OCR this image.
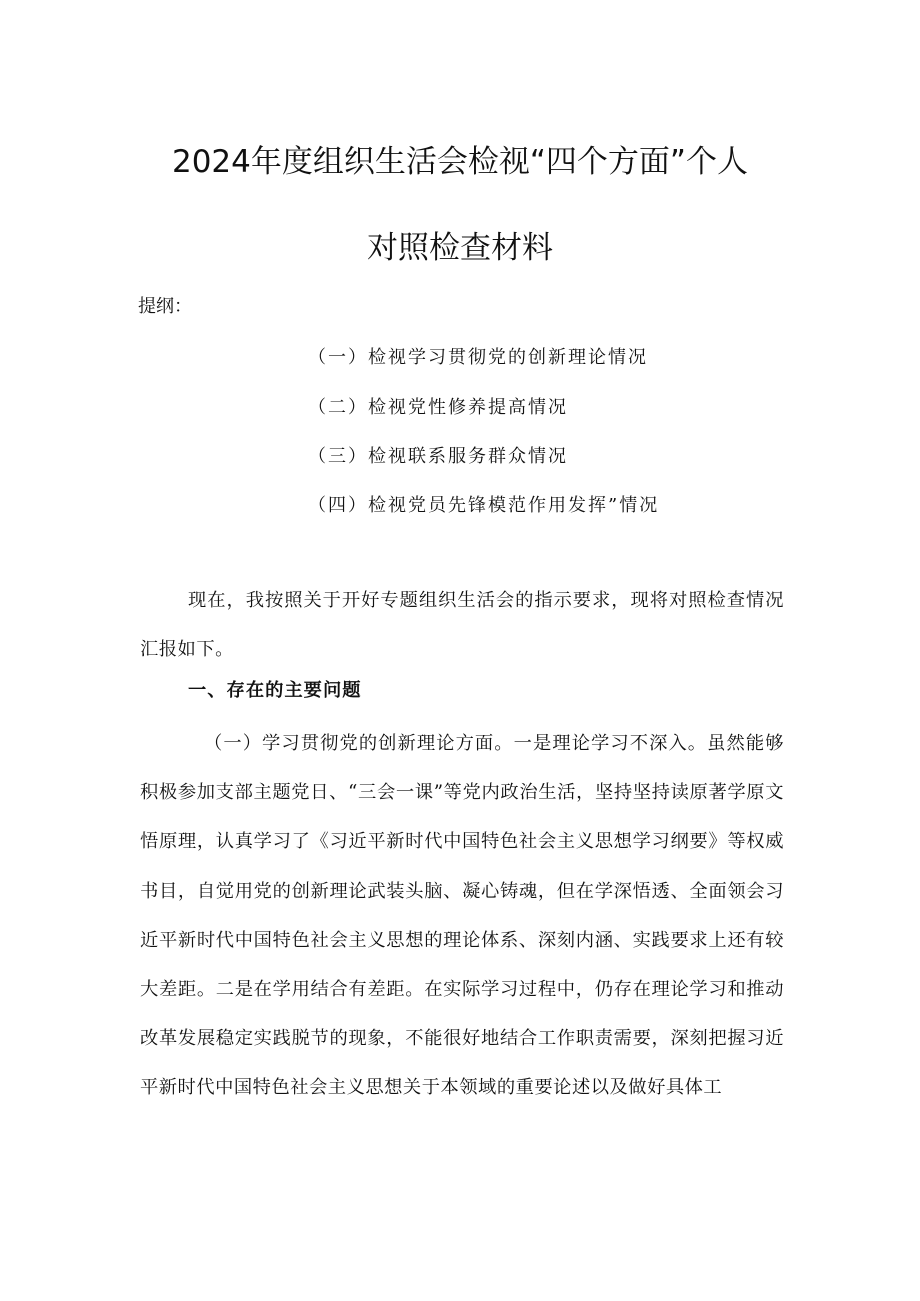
2024年度组织生活会检视“四个方面”个人
对照检查材料
提纲：
（一）检视学习贯彻党的创新理论情况
（二）检视党性修养提高情况
（三）检视联系服务群众情况
（四）检视党员先锋模范作用发挥”情况
现在，我按照关于开好专题组织生活会的指示要求，现将对照检查情况汇报如下。
一、存在的主要问题
（一）学习贯彻党的创新理论方面。一是理论学习不深入。虽然能够积极参加支部主题党日、“三会一课”等党内政治生活，坚持坚持读原著学原文悟原理，认真学习了《习近平新时代中国特色社会主义思想学习纲要》等权威书目，自觉用党的创新理论武装头脑、凝心铸魂，但在学深悟透、全面领会习近平新时代中国特色社会主义思想的理论体系、深刻内涵、实践要求上还有较大差距。二是在学用结合有差距。在实际学习过程中，仍存在理论学习和推动改革发展稳定实践脱节的现象，不能很好地结合工作职责需要，深刻把握习近平新时代中国特色社会主义思想关于本领域的重要论述以及做好具体工
